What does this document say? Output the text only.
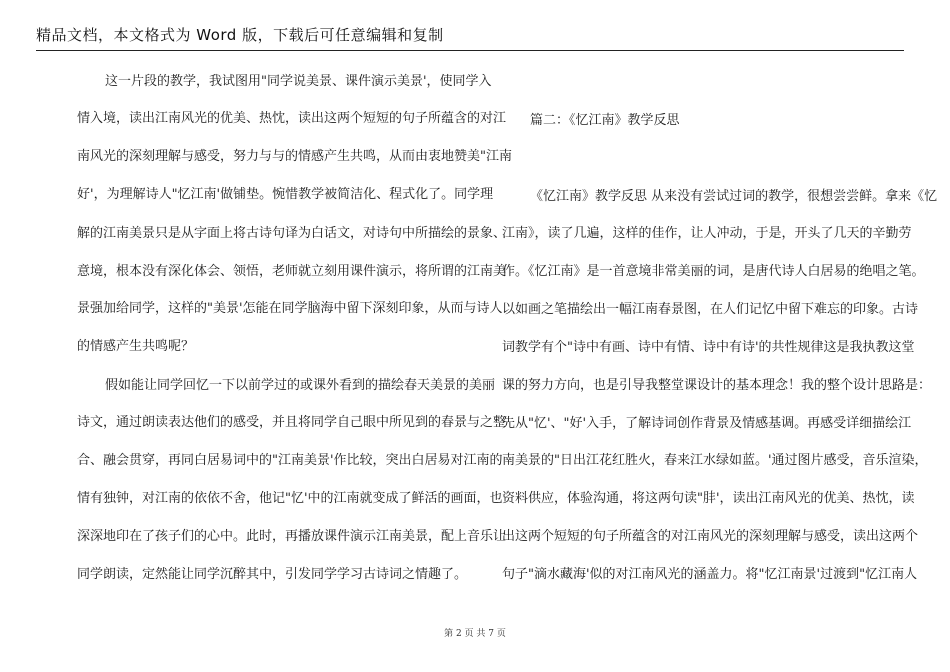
精品文档，本文格式为 Word 版，下载后可任意编辑和复制
这一片段的教学，我试图用"同学说美景、课件演示美景'，使同学入
情入境，读出江南风光的优美、热忱，读出这两个短短的句子所蕴含的对江
南风光的深刻理解与感受，努力与与的情感产生共鸣，从而由衷地赞美"江南
好'，为理解诗人"忆江南'做铺垫。惋惜教学被简洁化、程式化了。同学理
解的江南美景只是从字面上将古诗句译为白话文，对诗句中所描绘的景象、
意境，根本没有深化体会、领悟，老师就立刻用课件演示，将所谓的江南美
景强加给同学，这样的"美景'怎能在同学脑海中留下深刻印象，从而与诗人
的情感产生共鸣呢？
假如能让同学回忆一下以前学过的或课外看到的描绘春天美景的美丽
诗文，通过朗读表达他们的感受，并且将同学自己眼中所见到的春景与之整
合、融会贯穿，再同白居易词中的"江南美景'作比较，突出白居易对江南的
情有独钟，对江南的依依不舍，他记"忆'中的江南就变成了鲜活的画面，也
深深地印在了孩子们的心中。此时，再播放课件演示江南美景，配上音乐让
同学朗读，定然能让同学沉醉其中，引发同学学习古诗词之情趣了。
篇二：《忆江南》教学反思
《忆江南》教学反思 从来没有尝试过词的教学，很想尝尝鲜。拿来《忆
江南》，读了几遍，这样的佳作，让人冲动，于是，开头了几天的辛勤劳
作。《忆江南》是一首意境非常美丽的词，是唐代诗人白居易的绝唱之笔。
以如画之笔描绘出一幅江南春景图，在人们记忆中留下难忘的印象。古诗
词教学有个"诗中有画、诗中有情、诗中有诗'的共性规律这是我执教这堂
课的努力方向，也是引导我整堂课设计的基本理念！我的整个设计思路是：
先从"忆'、"好'入手，了解诗词创作背景及情感基调。再感受详细描绘江
南美景的"日出江花红胜火，春来江水绿如蓝。'通过图片感受，音乐渲染，
资料供应，体验沟通，将这两句读"肨'，读出江南风光的优美、热忱，读
出这两个短短的句子所蕴含的对江南风光的深刻理解与感受，读出这两个
句子"滴水藏海'似的对江南风光的涵盖力。将"忆江南景'过渡到"忆江南人
第 2 页 共 7 页
